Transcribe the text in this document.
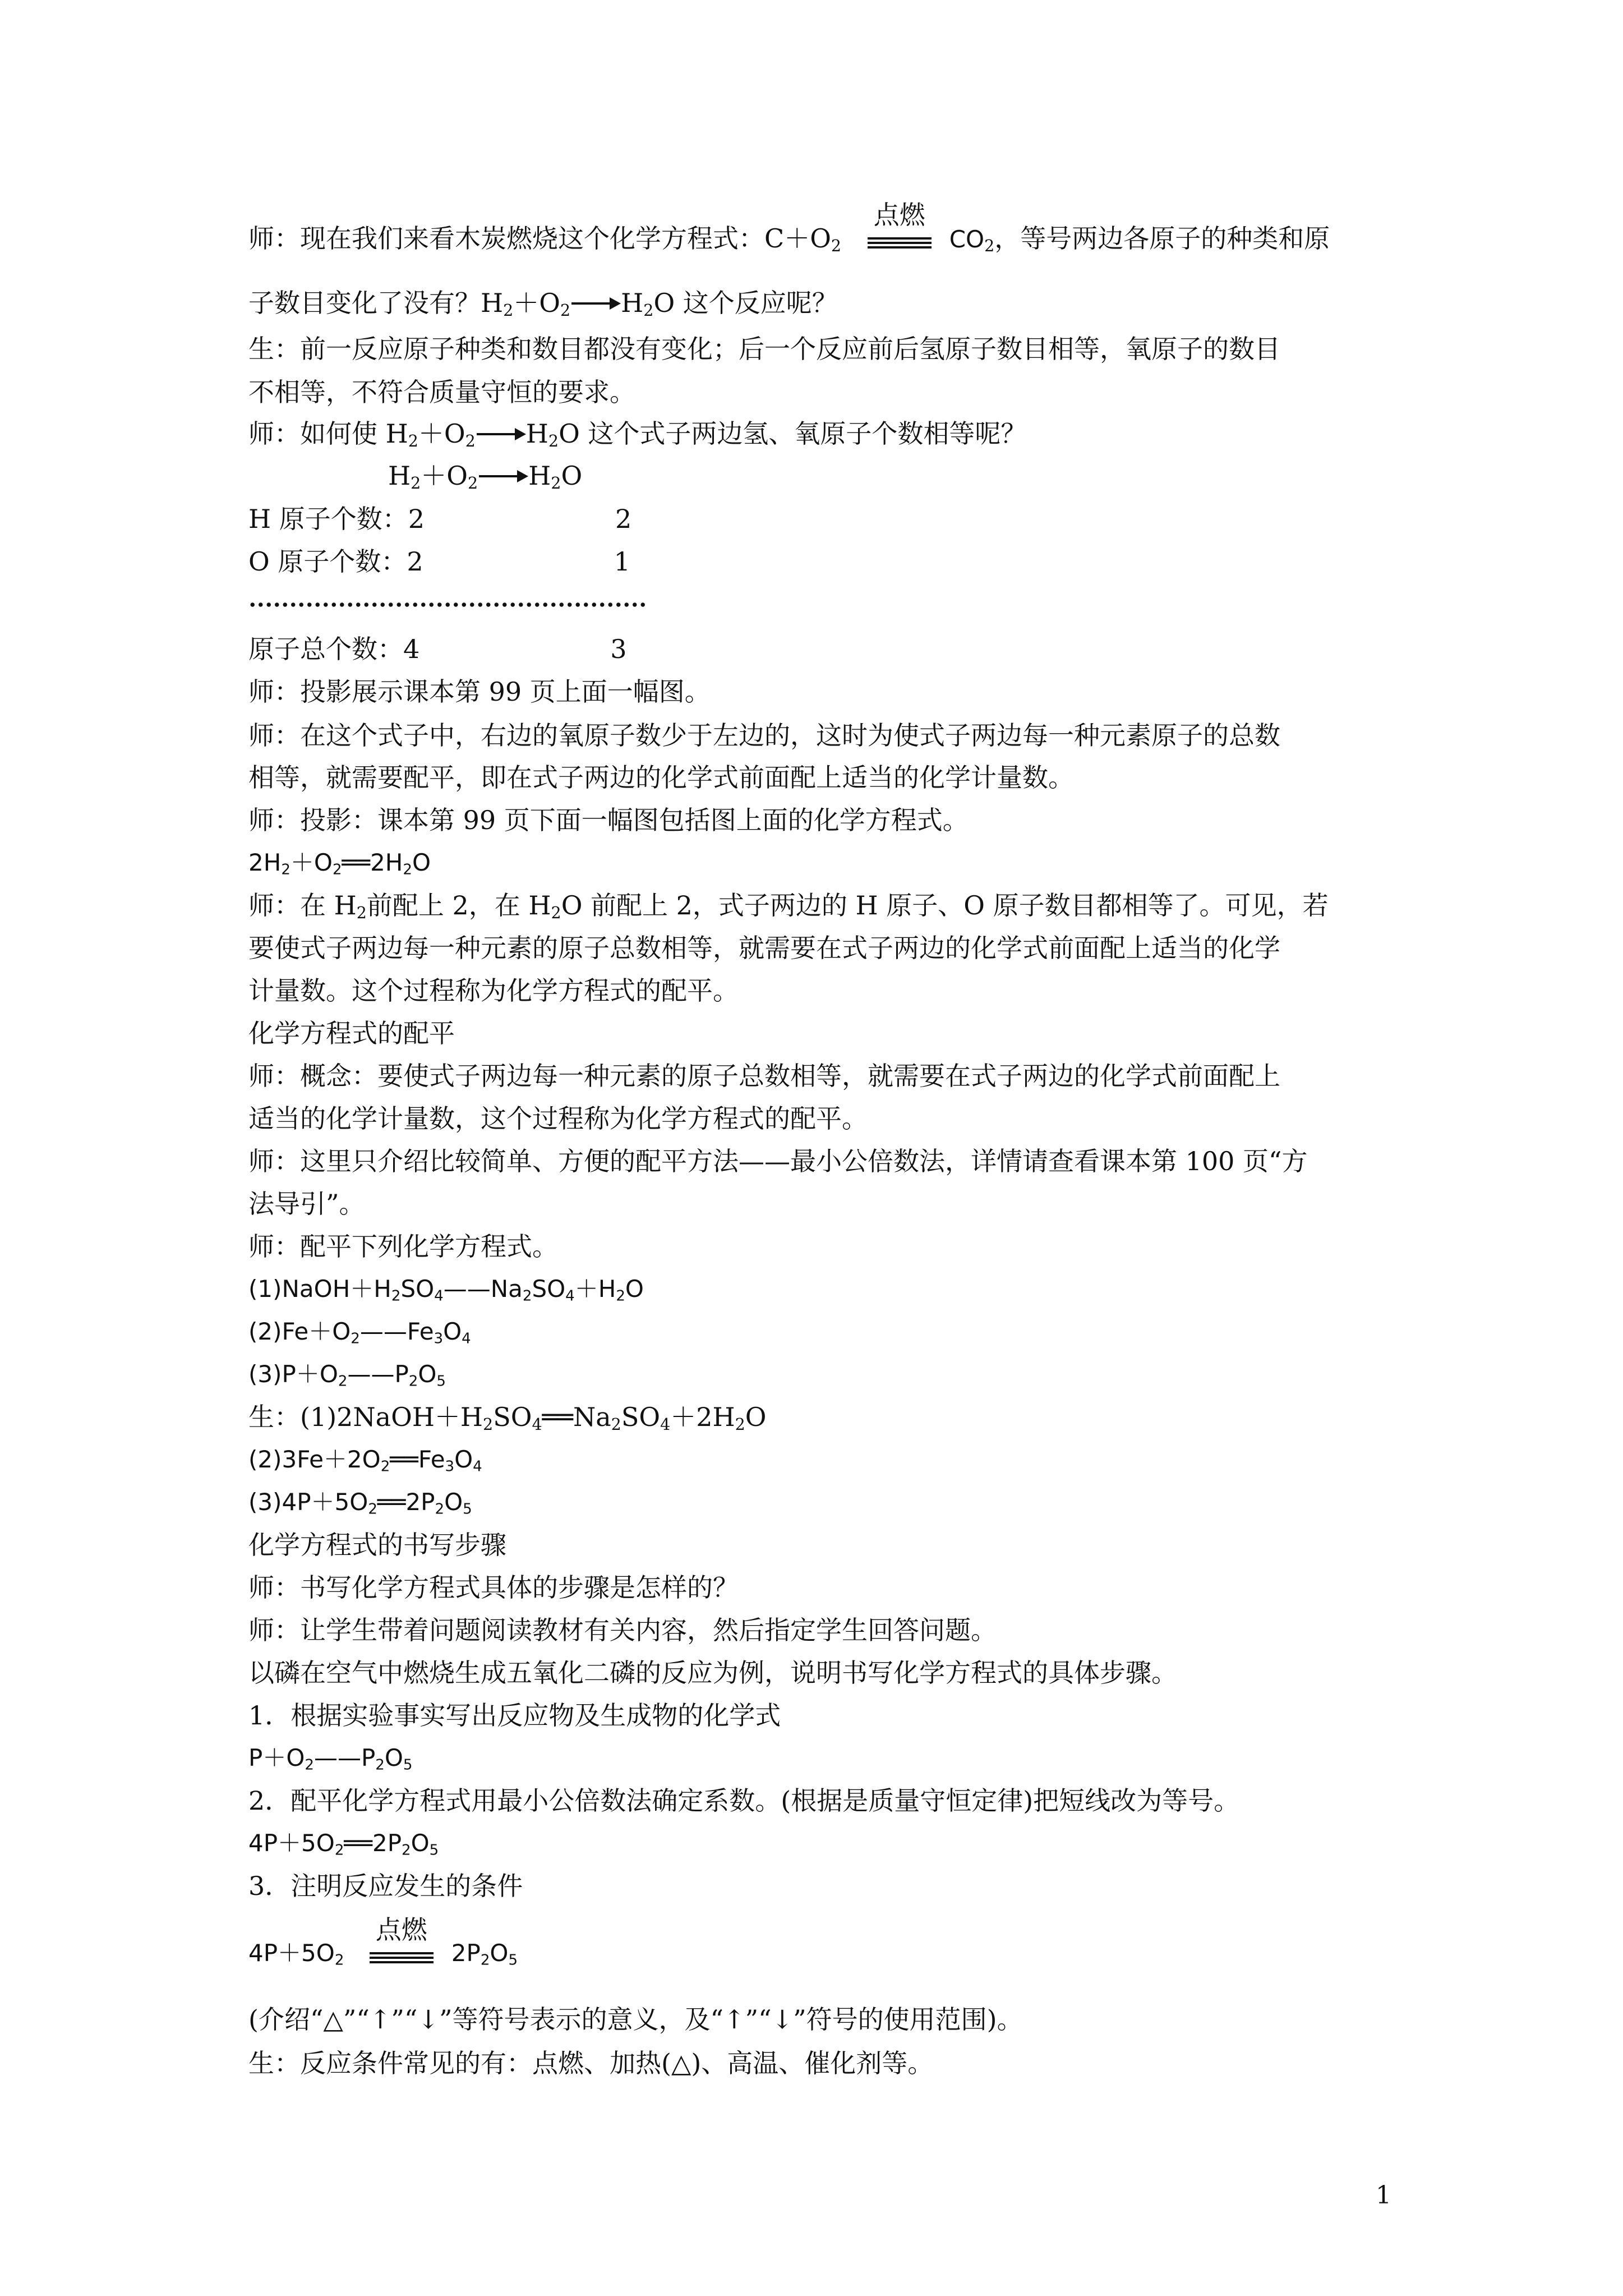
师：现在我们来看木炭燃烧这个化学方程式：$C+O_2$
点燃
$CO_2$，等号两边各原子的种类和原
子数目变化了没有？$H_2+O_2$ $H_2O$ 这个反应呢？
生：前一反应原子种类和数目都没有变化；后一个反应前后氢原子数目相等，氧原子的数目
不相等，不符合质量守恒的要求。
师：如何使 $H_2+O_2$ $H_2O$ 这个式子两边氢、氧原子个数相等呢？
$H_2+O_2$ $H_2O$
H 原子个数：2	2
O 原子个数：2	1
原子总个数：4	3
师：投影展示课本第 99 页上面一幅图。
师：在这个式子中，右边的氧原子数少于左边的，这时为使式子两边每一种元素原子的总数
相等，就需要配平，即在式子两边的化学式前面配上适当的化学计量数。
师：投影：课本第 99 页下面一幅图包括图上面的化学方程式。
$2H_2+O_2══2H_2O$
师：在 $H_2$前配上 2，在 $H_2O$ 前配上 2，式子两边的 H 原子、O 原子数目都相等了。可见，若
要使式子两边每一种元素的原子总数相等，就需要在式子两边的化学式前面配上适当的化学
计量数。这个过程称为化学方程式的配平。
化学方程式的配平
师：概念：要使式子两边每一种元素的原子总数相等，就需要在式子两边的化学式前面配上
适当的化学计量数，这个过程称为化学方程式的配平。
师：这里只介绍比较简单、方便的配平方法——最小公倍数法，详情请查看课本第 100 页“方
法导引”。
师：配平下列化学方程式。
$(1)NaOH+H_2SO_4——Na_2SO_4+H_2O$
$(2)Fe+O_2——Fe_3O_4$
$(3)P+O_2——P_2O_5$
生：$(1)2NaOH+H_2SO_4══Na_2SO_4+2H_2O$
$(2)3Fe+2O_2══Fe_3O_4$
$(3)4P+5O_2══2P_2O_5$
化学方程式的书写步骤
师：书写化学方程式具体的步骤是怎样的？
师：让学生带着问题阅读教材有关内容，然后指定学生回答问题。
以磷在空气中燃烧生成五氧化二磷的反应为例，说明书写化学方程式的具体步骤。
1．根据实验事实写出反应物及生成物的化学式
$P+O_2——P_2O_5$
2．配平化学方程式用最小公倍数法确定系数。(根据是质量守恒定律)把短线改为等号。
$4P+5O_2══2P_2O_5$
3．注明反应发生的条件
$4P+5O_2$
点燃
$2P_2O_5$
(介绍“△”“↑”“↓”等符号表示的意义，及“↑”“↓”符号的使用范围)。
生：反应条件常见的有：点燃、加热(△)、高温、催化剂等。
1
